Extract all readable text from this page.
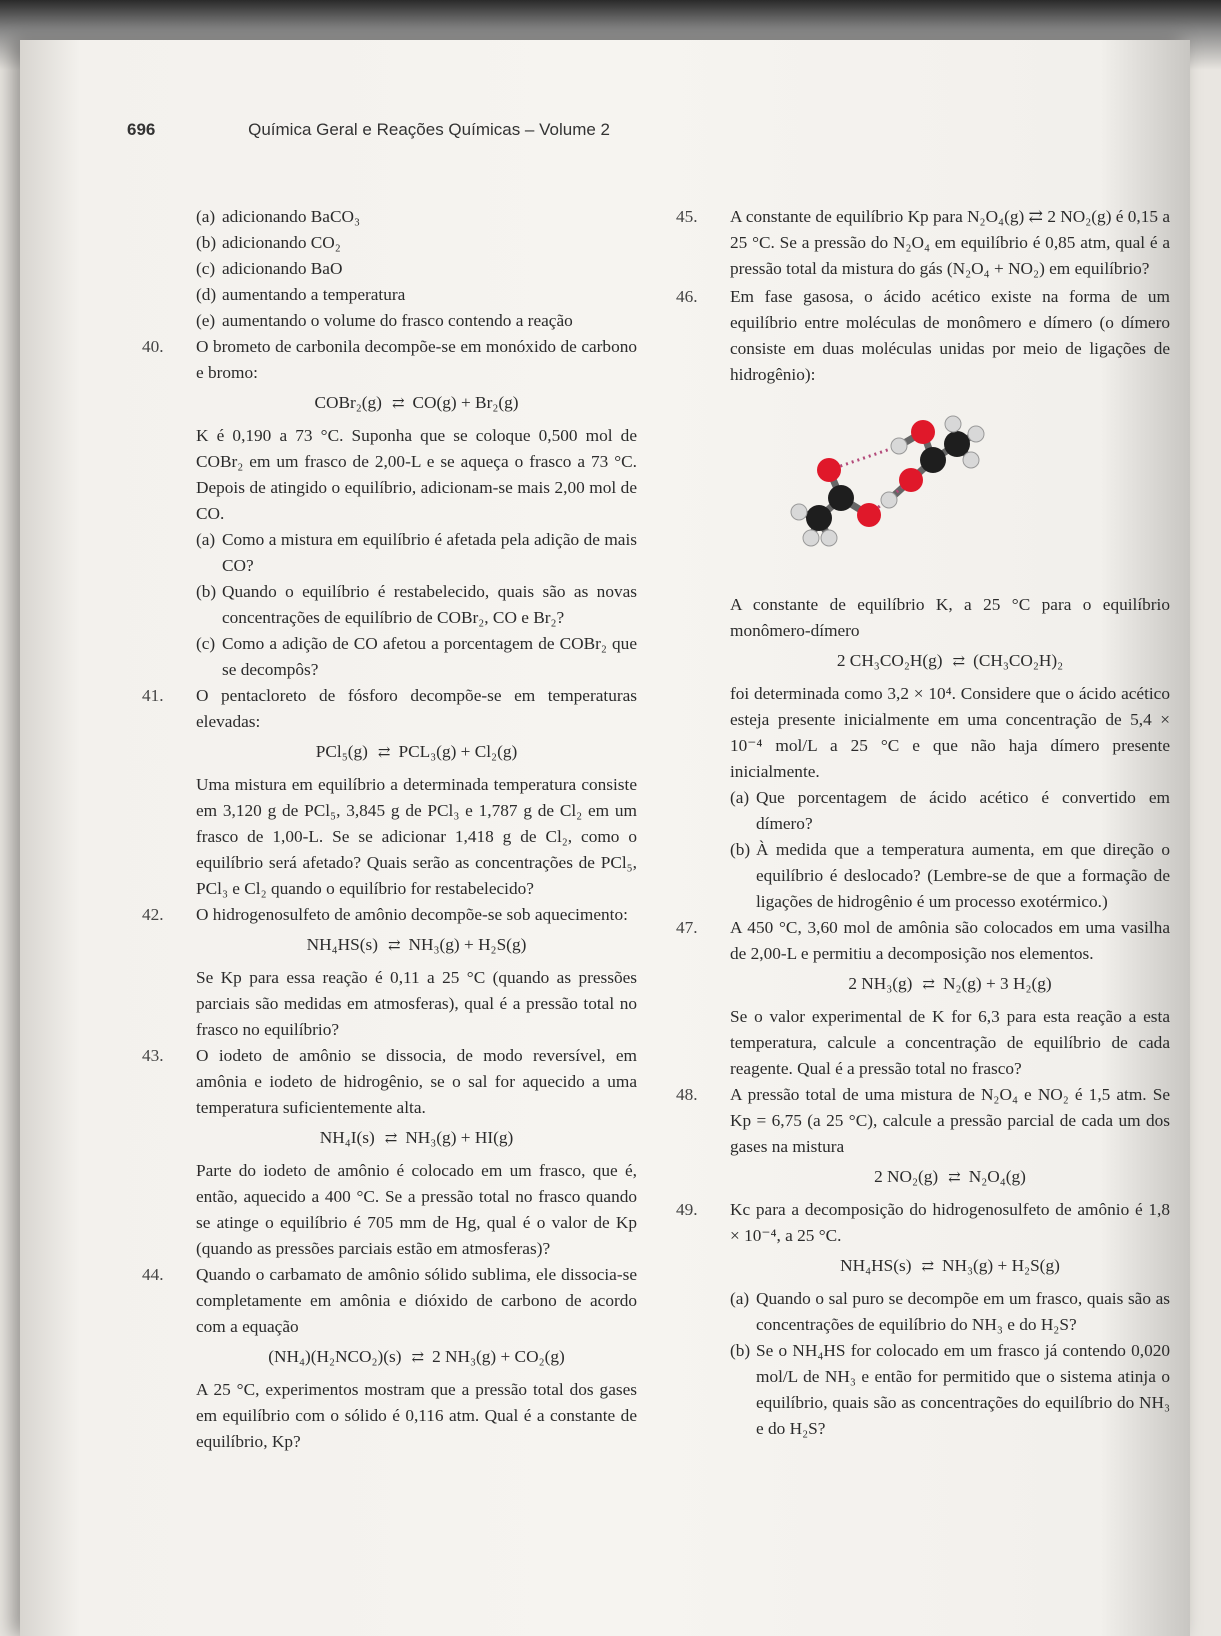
696	Química Geral e Reações Químicas – Volume 2
(a) adicionando BaCO₃
(b) adicionando CO₂
(c) adicionando BaO
(d) aumentando a temperatura
(e) aumentando o volume do frasco contendo a reação
40.	O brometo de carbonila decompõe-se em monóxido de carbono e bromo:
COBr₂(g) ⇄ CO(g) + Br₂(g)
K é 0,190 a 73 °C. Suponha que se coloque 0,500 mol de COBr₂ em um frasco de 2,00-L e se aqueça o frasco a 73 °C. Depois de atingido o equilíbrio, adicionam-se mais 2,00 mol de CO.
(a) Como a mistura em equilíbrio é afetada pela adição de mais CO?
(b) Quando o equilíbrio é restabelecido, quais são as novas concentrações de equilíbrio de COBr₂, CO e Br₂?
(c) Como a adição de CO afetou a porcentagem de COBr₂ que se decompôs?
41.	O pentacloreto de fósforo decompõe-se em temperaturas elevadas:
PCl₅(g) ⇄ PCL₃(g) + Cl₂(g)
Uma mistura em equilíbrio a determinada temperatura consiste em 3,120 g de PCl₅, 3,845 g de PCl₃ e 1,787 g de Cl₂ em um frasco de 1,00-L. Se se adicionar 1,418 g de Cl₂, como o equilíbrio será afetado? Quais serão as concentrações de PCl₅, PCl₃ e Cl₂ quando o equilíbrio for restabelecido?
42.	O hidrogenosulfeto de amônio decompõe-se sob aquecimento:
NH₄HS(s) ⇄ NH₃(g) + H₂S(g)
Se Kp para essa reação é 0,11 a 25 °C (quando as pressões parciais são medidas em atmosferas), qual é a pressão total no frasco no equilíbrio?
43.	O iodeto de amônio se dissocia, de modo reversível, em amônia e iodeto de hidrogênio, se o sal for aquecido a uma temperatura suficientemente alta.
NH₄I(s) ⇄ NH₃(g) + HI(g)
Parte do iodeto de amônio é colocado em um frasco, que é, então, aquecido a 400 °C. Se a pressão total no frasco quando se atinge o equilíbrio é 705 mm de Hg, qual é o valor de Kp (quando as pressões parciais estão em atmosferas)?
44.	Quando o carbamato de amônio sólido sublima, ele dissocia-se completamente em amônia e dióxido de carbono de acordo com a equação
(NH₄)(H₂NCO₂)(s) ⇄ 2 NH₃(g) + CO₂(g)
A 25 °C, experimentos mostram que a pressão total dos gases em equilíbrio com o sólido é 0,116 atm. Qual é a constante de equilíbrio, Kp?
45.	A constante de equilíbrio Kp para N₂O₄(g) ⇄ 2 NO₂(g) é 0,15 a 25 °C. Se a pressão do N₂O₄ em equilíbrio é 0,85 atm, qual é a pressão total da mistura do gás (N₂O₄ + NO₂) em equilíbrio?
46.	Em fase gasosa, o ácido acético existe na forma de um equilíbrio entre moléculas de monômero e dímero (o dímero consiste em duas moléculas unidas por meio de ligações de hidrogênio):
A constante de equilíbrio K, a 25 °C para o equilíbrio monômero-dímero
2 CH₃CO₂H(g) ⇄ (CH₃CO₂H)₂
foi determinada como 3,2 × 10⁴. Considere que o ácido acético esteja presente inicialmente em uma concentração de 5,4 × 10⁻⁴ mol/L a 25 °C e que não haja dímero presente inicialmente.
(a) Que porcentagem de ácido acético é convertido em dímero?
(b) À medida que a temperatura aumenta, em que direção o equilíbrio é deslocado? (Lembre-se de que a formação de ligações de hidrogênio é um processo exotérmico.)
47.	A 450 °C, 3,60 mol de amônia são colocados em uma vasilha de 2,00-L e permitiu a decomposição nos elementos.
2 NH₃(g) ⇄ N₂(g) + 3 H₂(g)
Se o valor experimental de K for 6,3 para esta reação a esta temperatura, calcule a concentração de equilíbrio de cada reagente. Qual é a pressão total no frasco?
48.	A pressão total de uma mistura de N₂O₄ e NO₂ é 1,5 atm. Se Kp = 6,75 (a 25 °C), calcule a pressão parcial de cada um dos gases na mistura
2 NO₂(g) ⇄ N₂O₄(g)
49.	Kc para a decomposição do hidrogenosulfeto de amônio é 1,8 × 10⁻⁴, a 25 °C.
NH₄HS(s) ⇄ NH₃(g) + H₂S(g)
(a) Quando o sal puro se decompõe em um frasco, quais são as concentrações de equilíbrio do NH₃ e do H₂S?
(b) Se o NH₄HS for colocado em um frasco já contendo 0,020 mol/L de NH₃ e então for permitido que o sistema atinja o equilíbrio, quais são as concentrações do equilíbrio do NH₃ e do H₂S?
